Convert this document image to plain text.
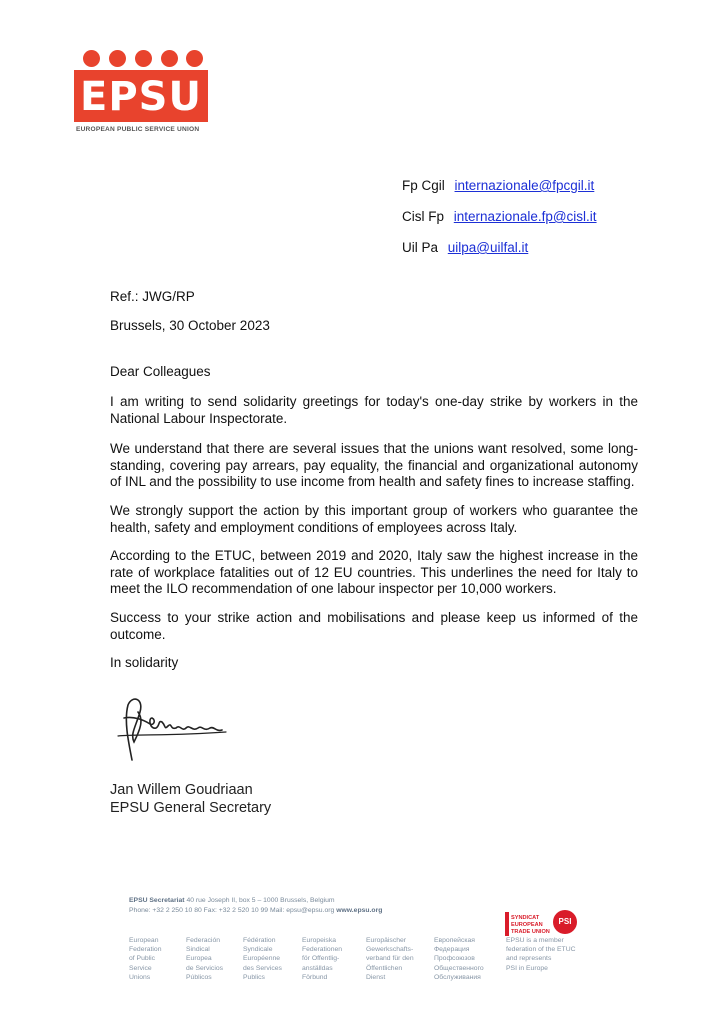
EPSU
EUROPEAN PUBLIC SERVICE UNION
Fp Cgil internazionale@fpcgil.it
Cisl Fp internazionale.fp@cisl.it
Uil Pa uilpa@uilfal.it
Ref.: JWG/RP
Brussels, 30 October 2023
Dear Colleagues
I am writing to send solidarity greetings for today's one-day strike by workers in the National Labour Inspectorate.
We understand that there are several issues that the unions want resolved, some long-standing, covering pay arrears, pay equality, the financial and organizational autonomy of INL and the possibility to use income from health and safety fines to increase staffing.
We strongly support the action by this important group of workers who guarantee the health, safety and employment conditions of employees across Italy.
According to the ETUC, between 2019 and 2020, Italy saw the highest increase in the rate of workplace fatalities out of 12 EU countries. This underlines the need for Italy to meet the ILO recommendation of one labour inspector per 10,000 workers.
Success to your strike action and mobilisations and please keep us informed of the outcome.
In solidarity
Jan Willem Goudriaan
EPSU General Secretary
EPSU Secretariat 40 rue Joseph II, box 5 – 1000 Brussels, Belgium
Phone: +32 2 250 10 80 Fax: +32 2 520 10 99 Mail: epsu@epsu.org www.epsu.org
European
Federation
of Public
Service
Unions
Federación
Sindical
Europea
de Servicios
Públicos
Fédération
Syndicale
Européenne
des Services
Publics
Europeiska
Federationen
för Offentlig-
anställdas
Förbund
Europäischer
Gewerkschafts-
verband für den
Öffentlichen
Dienst
Европейская
Федерация
Профсоюзов
Общественного
Обслуживания
EPSU is a member
federation of the ETUC
and represents
PSI in Europe
SYNDICAT
EUROPEAN
TRADE UNION
PSI
